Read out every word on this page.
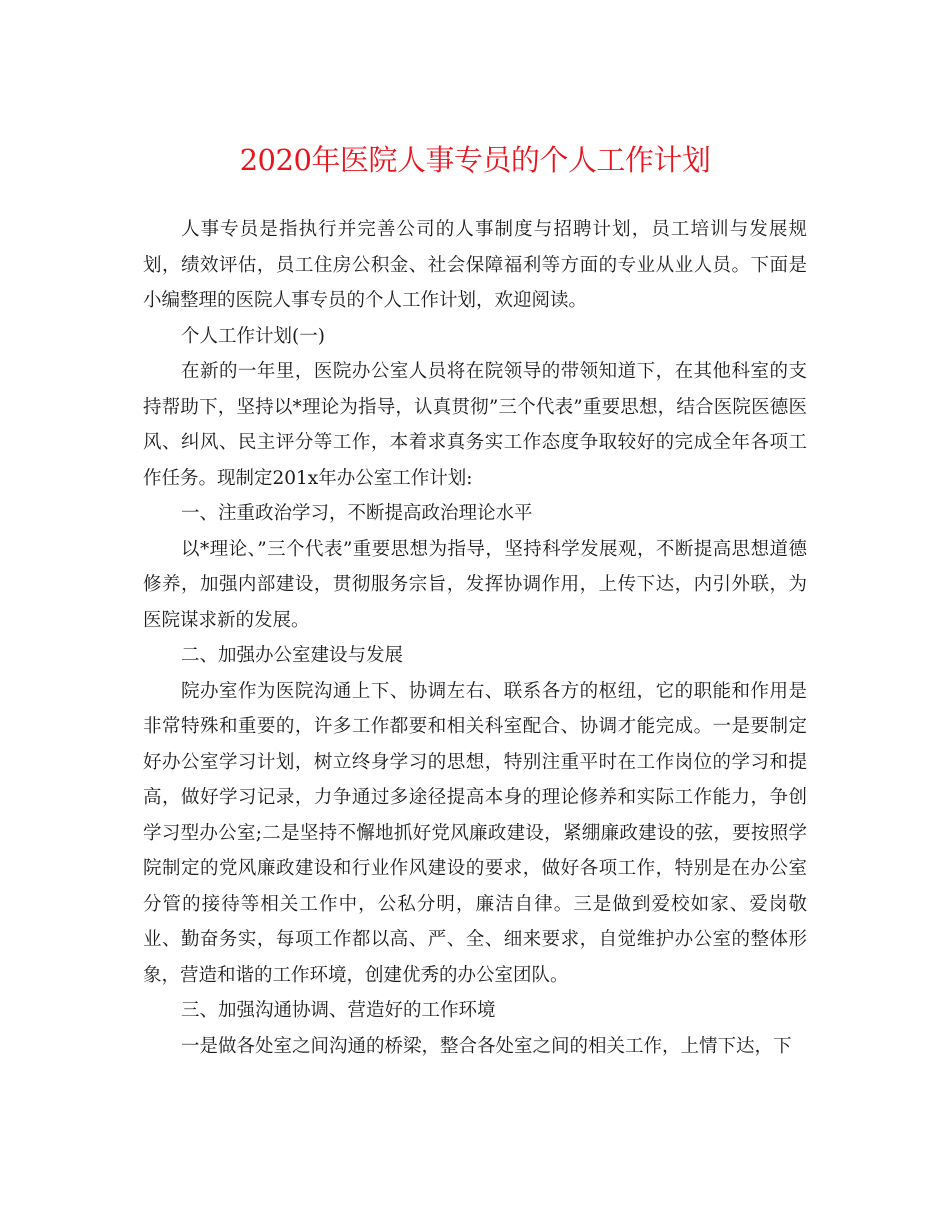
2020年医院人事专员的个人工作计划

人事专员是指执行并完善公司的人事制度与招聘计划，员工培训与发展规划，绩效评估，员工住房公积金、社会保障福利等方面的专业从业人员。下面是小编整理的医院人事专员的个人工作计划，欢迎阅读。

个人工作计划(一)

在新的一年里，医院办公室人员将在院领导的带领知道下，在其他科室的支持帮助下，坚持以*理论为指导，认真贯彻”三个代表”重要思想，结合医院医德医风、纠风、民主评分等工作，本着求真务实工作态度争取较好的完成全年各项工作任务。现制定201x年办公室工作计划:

一、注重政治学习，不断提高政治理论水平

以*理论、”三个代表”重要思想为指导，坚持科学发展观，不断提高思想道德修养，加强内部建设，贯彻服务宗旨，发挥协调作用，上传下达，内引外联，为医院谋求新的发展。

二、加强办公室建设与发展

院办室作为医院沟通上下、协调左右、联系各方的枢纽，它的职能和作用是非常特殊和重要的，许多工作都要和相关科室配合、协调才能完成。一是要制定好办公室学习计划，树立终身学习的思想，特别注重平时在工作岗位的学习和提高，做好学习记录，力争通过多途径提高本身的理论修养和实际工作能力，争创学习型办公室;二是坚持不懈地抓好党风廉政建设，紧绷廉政建设的弦，要按照学院制定的党风廉政建设和行业作风建设的要求，做好各项工作，特别是在办公室分管的接待等相关工作中，公私分明，廉洁自律。三是做到爱校如家、爱岗敬业、勤奋务实，每项工作都以高、严、全、细来要求，自觉维护办公室的整体形象，营造和谐的工作环境，创建优秀的办公室团队。

三、加强沟通协调、营造好的工作环境

一是做各处室之间沟通的桥梁，整合各处室之间的相关工作，上情下达，下
